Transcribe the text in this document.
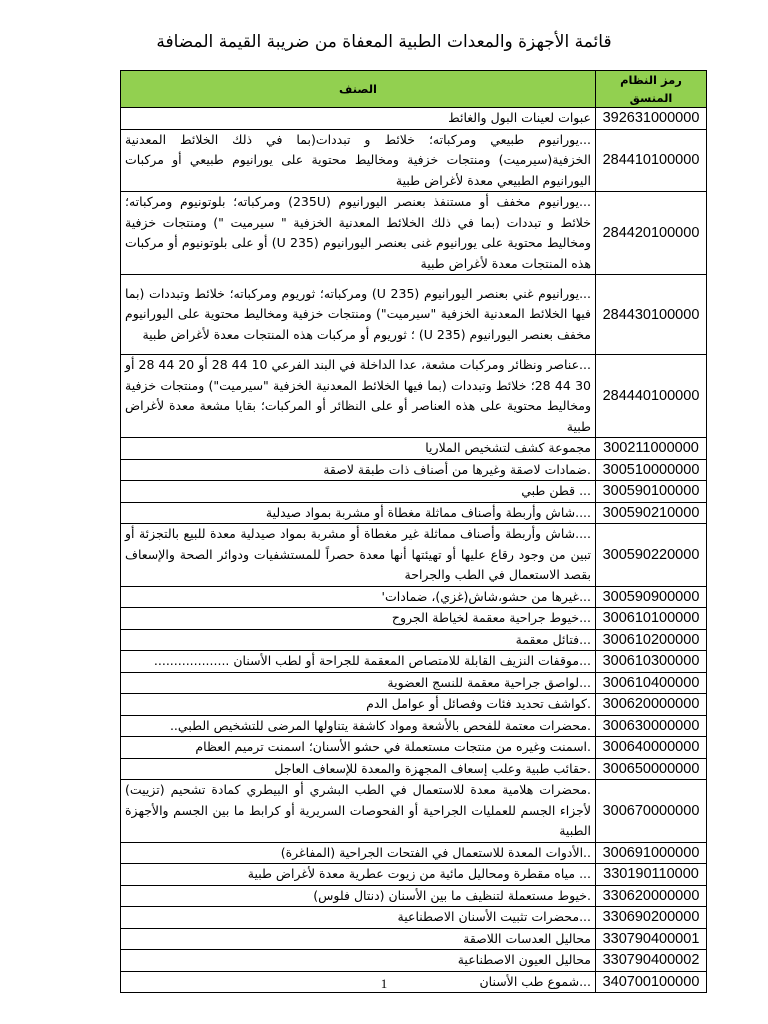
قائمة الأجهزة والمعدات الطبية المعفاة من ضريبة القيمة المضافة
رمز النظام المنسق	الصنف
392631000000	عبوات لعينات البول والغائط
284410100000	...يورانيوم طبيعي ومركباته؛ خلائط و تبددات(بما في ذلك الخلائط المعدنية الخزفية(سيرميت) ومنتجات خزفية ومخاليط محتوية على يورانيوم طبيعي أو مركبات اليورانيوم الطبيعي معدة لأغراض طبية
284420100000	...يورانيوم مخفف أو مستنفذ بعنصر اليورانيوم (235U) ومركباته؛ بلوتونيوم ومركباته؛ خلائط و تبددات (بما في ذلك الخلائط المعدنية الخزفية " سيرميت ") ومنتجات خزفية ومخاليط محتوية على يورانيوم غنى بعنصر اليورانيوم (U 235) أو على بلوتونيوم أو مركبات هذه المنتجات معدة لأغراض طبية
284430100000	...يورانيوم غني بعنصر اليورانيوم (U 235) ومركباته؛ ثوريوم ومركباته؛ خلائط وتبددات (بما فيها الخلائط المعدنية الخزفية "سيرميت") ومنتجات خزفية ومخاليط محتوية على اليورانيوم مخفف بعنصر اليورانيوم (U 235) ؛ ثوريوم أو مركبات هذه المنتجات معدة لأغراض طبية
284440100000	...عناصر ونظائر ومركبات مشعة، عدا الداخلة في البند الفرعي 10 44 28 أو 20 44 28 أو 30 44 28؛ خلائط وتبددات (بما فيها الخلائط المعدنية الخزفية "سيرميت") ومنتجات خزفية ومخاليط محتوية على هذه العناصر أو على النظائر أو المركبات؛ بقايا مشعة معدة لأغراض طبية
300211000000	مجموعة كشف لتشخيص الملاريا
300510000000	.ضمادات لاصقة وغيرها من أصناف ذات طبقة لاصقة
300590100000	... قطن طبي
300590210000	....شاش وأربطة وأصناف مماثلة مغطاة أو مشربة بمواد صيدلية
300590220000	....شاش وأربطة وأصناف مماثلة غير مغطاة أو مشربة بمواد صيدلية معدة للبيع بالتجزئة أو تبين من وجود رقاع عليها أو تهيئتها أنها معدة حصراً للمستشفيات ودوائر الصحة والإسعاف بقصد الاستعمال في الطب والجراحة
300590900000	...غيرها من حشو،شاش(غزي)، ضمادات'
300610100000	...خيوط جراحية معقمة لخياطة الجروح
300610200000	...فتائل معقمة
300610300000	...موقفات النزيف القابلة للامتصاص المعقمة للجراحة أو لطب الأسنان ...................
300610400000	...لواصق جراحية معقمة للنسج العضوية
300620000000	.كواشف تحديد فئات وفصائل أو عوامل الدم
300630000000	.محضرات معتمة للفحص بالأشعة ومواد كاشفة يتناولها المرضى للتشخيص الطبي..
300640000000	.اسمنت وغيره من منتجات مستعملة في حشو الأسنان؛ اسمنت ترميم العظام
300650000000	.حقائب طبية وعلب إسعاف المجهزة والمعدة للإسعاف العاجل
300670000000	.محضرات هلامية معدة للاستعمال في الطب البشري أو البيطري كمادة تشحيم (تزييت) لأجزاء الجسم للعمليات الجراحية أو الفحوصات السريرية أو كرابط ما بين الجسم والأجهزة الطبية
300691000000	..الأدوات المعدة للاستعمال في الفتحات الجراحية (المفاغرة)
330190110000	... مياه مقطرة ومحاليل مائية من زيوت عطرية معدة لأغراض طبية
330620000000	.خيوط مستعملة لتنظيف ما بين الأسنان (دنتال فلوس)
330690200000	...محضرات تثبيت الأسنان الاصطناعية
330790400001	محاليل العدسات اللاصقة
330790400002	محاليل العيون الاصطناعية
340700100000	...شموع طب الأسنان
1
